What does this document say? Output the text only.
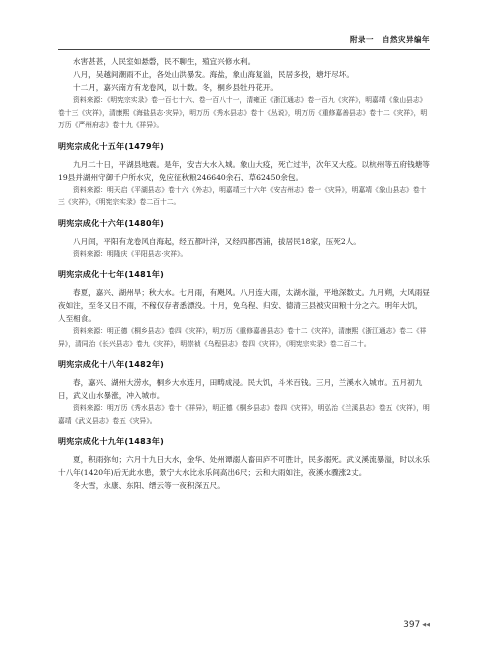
附录一　自然灾异编年

水害甚甚，人民室如悬磬，民不聊生，殖宜兴修水利。

八月，吴越间潮雨不止，各处山洪暴发。海盐，象山海复溢，民居多投，塘圩尽坏。

十二月，嘉兴南方有龙卷风，以十数。冬，桐乡县牡丹花开。

资料来源：《明宪宗实录》卷一百七十六、卷一百八十一，清雍正《浙江通志》卷一百九《灾祥》，明嘉靖《象山县志》卷十三《灾祥》，清康熙《海盐县志·灾异》，明万历《秀水县志》卷十《丛说》，明万历《重修嘉善县志》卷十二《灾祥》，明万历《严州府志》卷十九《祥异》。

明宪宗成化十五年(1479年)

九月二十日，平湖县地震。是年，安吉大水入城。象山大疫，死亡过半，次年又大疫。以杭州等五府钱塘等19县并湖州守御千户所水灾，免应征秋粮246640余石、草62450余包。

资料来源：明天启《平湖县志》卷十六《外志》，明嘉靖三十六年《安吉州志》卷一《灾异》，明嘉靖《象山县志》卷十三《灾祥》，《明宪宗实录》卷二百十二。

明宪宗成化十六年(1480年)

八月闰，平阳有龙卷风自海起，经五都叶洋，又经四都西浦，拔居民18家，压死2人。

资料来源：明隆庆《平阳县志·灾祥》。

明宪宗成化十七年(1481年)

春夏，嘉兴、湖州旱；秋大水。七月雨，有飓风。八月连大雨，太湖水溢，平地深数丈。九月朔，大风雨昼夜如注，至冬又日不雨，不稼仅存者悉漂没。十月，免乌程、归安、德清三县被灾田粮十分之六。明年大饥，人至相食。

资料来源：明正德《桐乡县志》卷四《灾祥》，明万历《重修嘉善县志》卷十二《灾祥》，清康熙《浙江通志》卷二《祥异》，清同治《长兴县志》卷九《灾祥》，明崇祯《乌程县志》卷四《灾祥》，《明宪宗实录》卷二百二十。

明宪宗成化十八年(1482年)

春，嘉兴、湖州大涝水，桐乡大水连月，田畴成浸。民大饥，斗米百钱。三月，兰溪水入城市。五月初九日，武义山水暴涨，冲入城市。

资料来源：明万历《秀水县志》卷十《祥异》，明正德《桐乡县志》卷四《灾祥》，明弘治《兰溪县志》卷五《灾祥》，明嘉靖《武义县志》卷五《灾异》。

明宪宗成化十九年(1483年)

夏，积雨弥旬；六月十九日大水，金华、处州谭溺人畜田庐不可胜计，民多溺死。武义溪流暴溢，时以永乐十八年(1420年)后无此水患，景宁大水比永乐间高出6尺；云和大雨如注，夜溪水骤涨2丈。

冬大雪，永康、东阳、缙云等一夜积深五尺。

397 ◀◀
